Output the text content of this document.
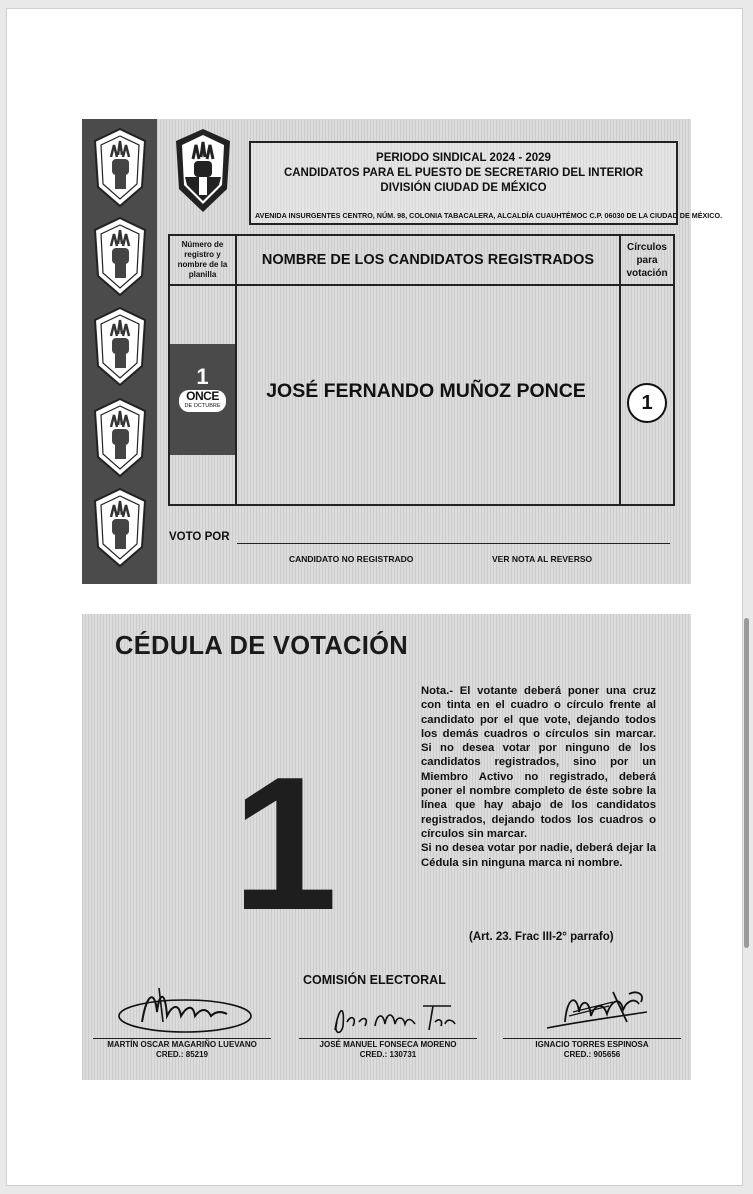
PERIODO SINDICAL 2024 - 2029
CANDIDATOS PARA EL PUESTO DE SECRETARIO DEL INTERIOR
DIVISIÓN CIUDAD DE MÉXICO
AVENIDA INSURGENTES CENTRO, NÚM. 98, COLONIA TABACALERA, ALCALDÍA CUAUHTÉMOC C.P. 06030 DE LA CIUDAD DE MÉXICO.
Número de registro y nombre de la planilla
NOMBRE DE LOS CANDIDATOS REGISTRADOS
Círculos para votación
1
ONCE
DE OCTUBRE
JOSÉ FERNANDO MUÑOZ PONCE
1
VOTO POR
CANDIDATO NO REGISTRADO	VER NOTA AL REVERSO
CÉDULA DE VOTACIÓN
1

Nota.- El votante deberá poner una cruz con tinta en el cuadro o círculo frente al candidato por el que vote, dejando todos los demás cuadros o círculos sin marcar. Si no desea votar por ninguno de los candidatos registrados, sino por un Miembro Activo no registrado, deberá poner el nombre completo de éste sobre la línea que hay abajo de los candidatos registrados, dejando todos los cuadros o círculos sin marcar.

Si no desea votar por nadie, deberá dejar la Cédula sin ninguna marca ni nombre.

(Art. 23. Frac III-2° parrafo)
COMISIÓN ELECTORAL
MARTÍN OSCAR MAGARIÑO LUEVANO
CRED.: 85219
JOSÉ MANUEL FONSECA MORENO
CRED.: 130731
IGNACIO TORRES ESPINOSA
CRED.: 905656
